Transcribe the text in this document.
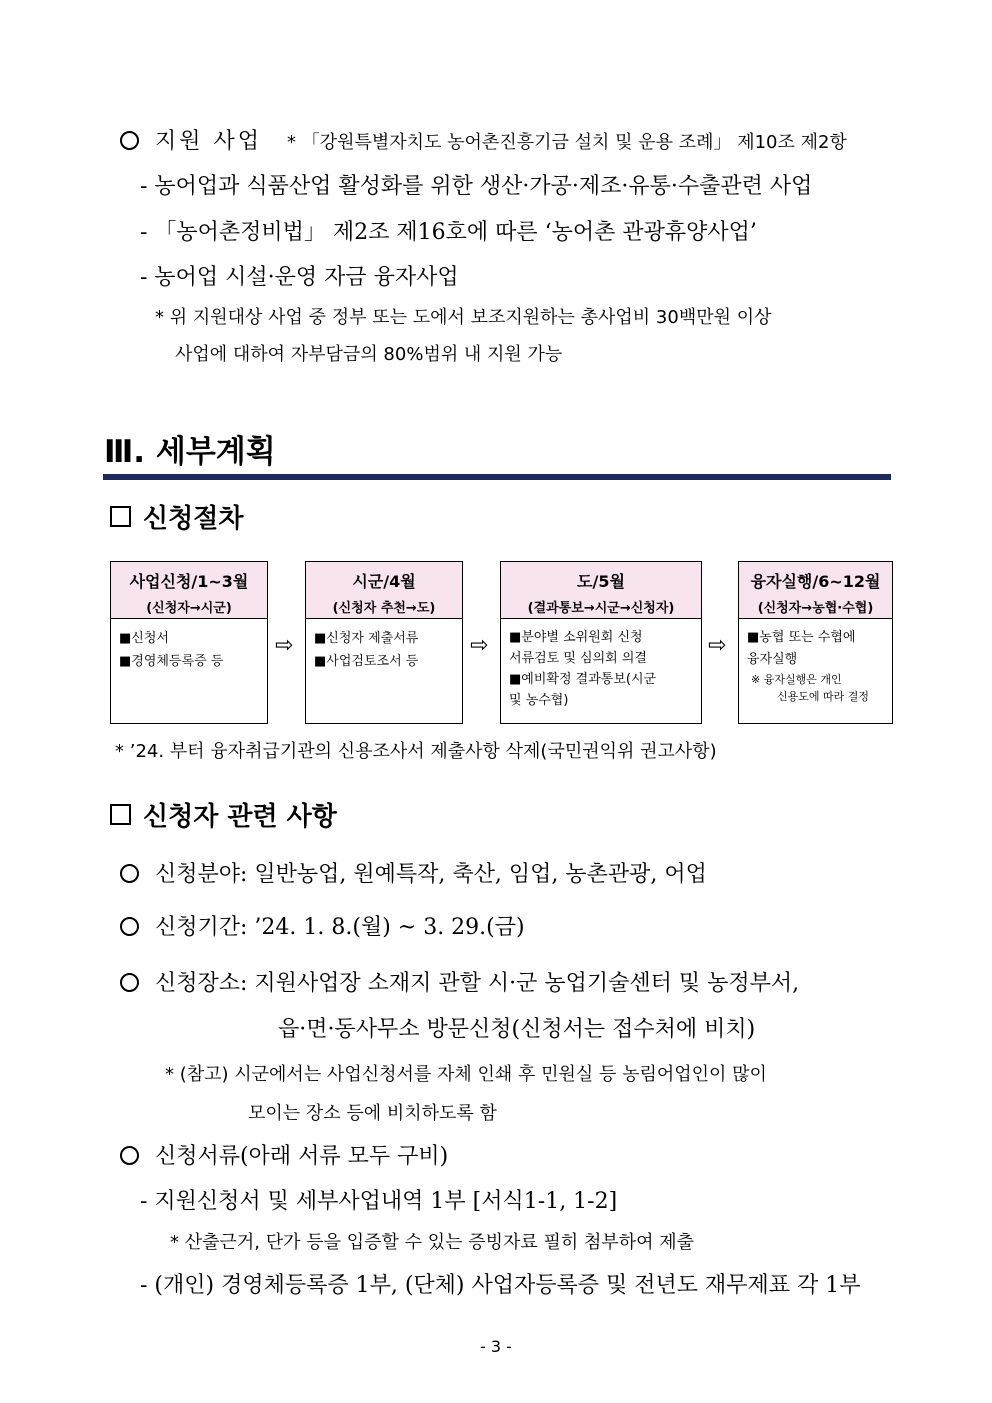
지원 사업 * 「강원특별자치도 농어촌진흥기금 설치 및 운용 조례」 제10조 제2항
- 농어업과 식품산업 활성화를 위한 생산·가공·제조·유통·수출관련 사업
- 「농어촌정비법」 제2조 제16호에 따른 ‘농어촌 관광휴양사업’
- 농어업 시설·운영 자금 융자사업
* 위 지원대상 사업 중 정부 또는 도에서 보조지원하는 총사업비 30백만원 이상
사업에 대하여 자부담금의 80%범위 내 지원 가능
Ⅲ. 세부계획
신청절차
사업신청/1~3월
(신청자→시군)
■신청서
■경영체등록증 등
⇨
시군/4월
(신청자 추천→도)
■신청자 제출서류
■사업검토조서 등
⇨
도/5월
(결과통보→시군→신청자)
■분야별 소위원회 신청
서류검토 및 심의회 의결
■예비확정 결과통보(시군
및 농수협)
⇨
융자실행/6~12월
(신청자→농협·수협)
■농협 또는 수협에
융자실행
※ 융자실행은 개인
신용도에 따라 결정
* ’24. 부터 융자취급기관의 신용조사서 제출사항 삭제(국민권익위 권고사항)
신청자 관련 사항
신청분야: 일반농업, 원예특작, 축산, 임업, 농촌관광, 어업
신청기간: ’24. 1. 8.(월) ~ 3. 29.(금)
신청장소: 지원사업장 소재지 관할 시·군 농업기술센터 및 농정부서,
읍·면·동사무소 방문신청(신청서는 접수처에 비치)
* (참고) 시군에서는 사업신청서를 자체 인쇄 후 민원실 등 농림어업인이 많이
모이는 장소 등에 비치하도록 함
신청서류(아래 서류 모두 구비)
- 지원신청서 및 세부사업내역 1부 [서식1-1, 1-2]
* 산출근거, 단가 등을 입증할 수 있는 증빙자료 필히 첨부하여 제출
- (개인) 경영체등록증 1부, (단체) 사업자등록증 및 전년도 재무제표 각 1부
- 3 -
